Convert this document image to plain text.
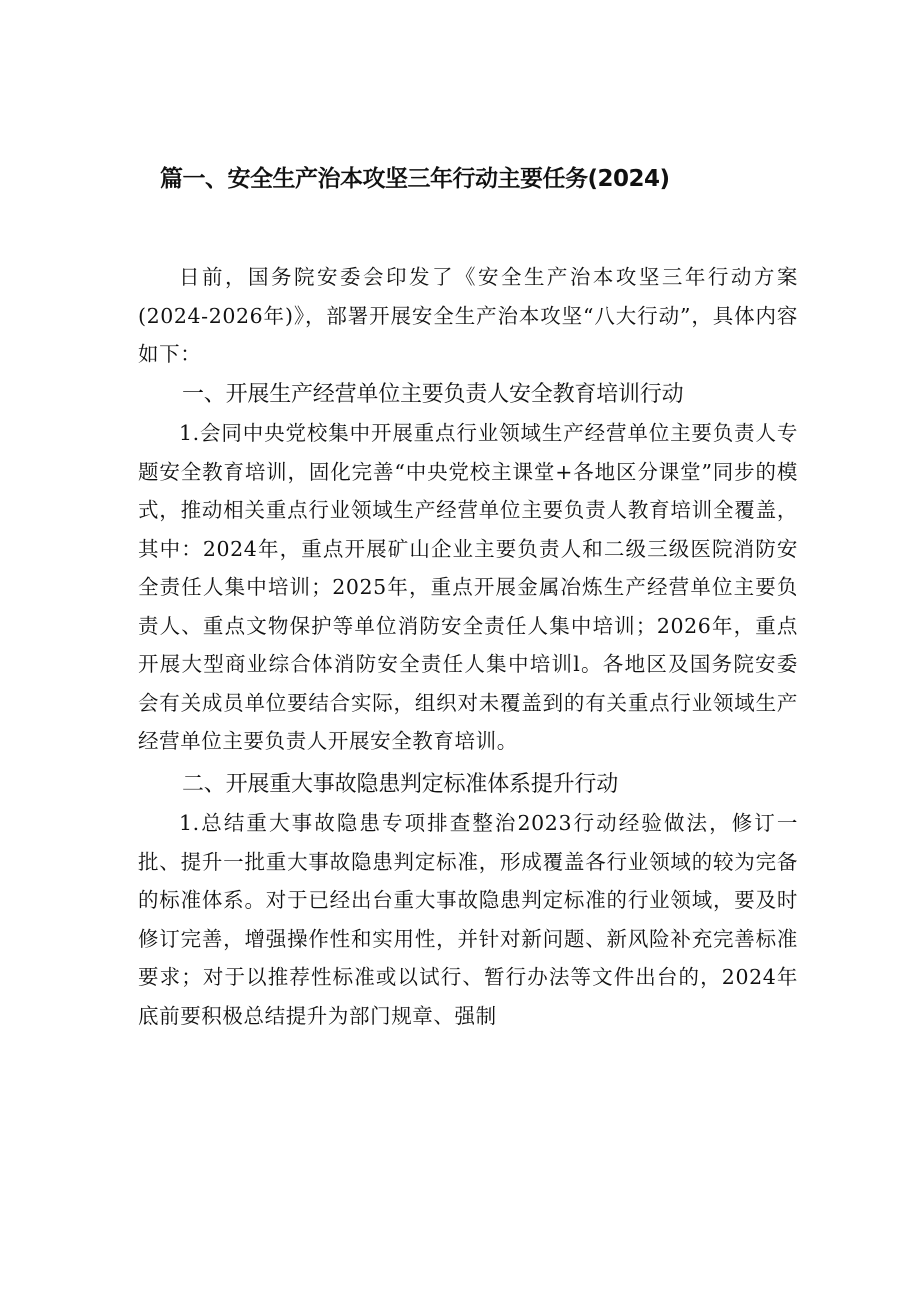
篇一、安全生产治本攻坚三年行动主要任务(2024)

日前，国务院安委会印发了《安全生产治本攻坚三年行动方案(2024-2026年)》，部署开展安全生产治本攻坚“八大行动”，具体内容如下：

一、开展生产经营单位主要负责人安全教育培训行动

1.会同中央党校集中开展重点行业领域生产经营单位主要负责人专题安全教育培训，固化完善“中央党校主课堂+各地区分课堂”同步的模式，推动相关重点行业领域生产经营单位主要负责人教育培训全覆盖，其中：2024年，重点开展矿山企业主要负责人和二级三级医院消防安全责任人集中培训；2025年，重点开展金属冶炼生产经营单位主要负责人、重点文物保护等单位消防安全责任人集中培训；2026年，重点开展大型商业综合体消防安全责任人集中培训l。各地区及国务院安委会有关成员单位要结合实际，组织对未覆盖到的有关重点行业领域生产经营单位主要负责人开展安全教育培训。

二、开展重大事故隐患判定标准体系提升行动

1.总结重大事故隐患专项排查整治2023行动经验做法，修订一批、提升一批重大事故隐患判定标准，形成覆盖各行业领域的较为完备的标准体系。对于已经出台重大事故隐患判定标准的行业领域，要及时修订完善，增强操作性和实用性，并针对新问题、新风险补充完善标准要求；对于以推荐性标准或以试行、暂行办法等文件出台的，2024年底前要积极总结提升为部门规章、强制
